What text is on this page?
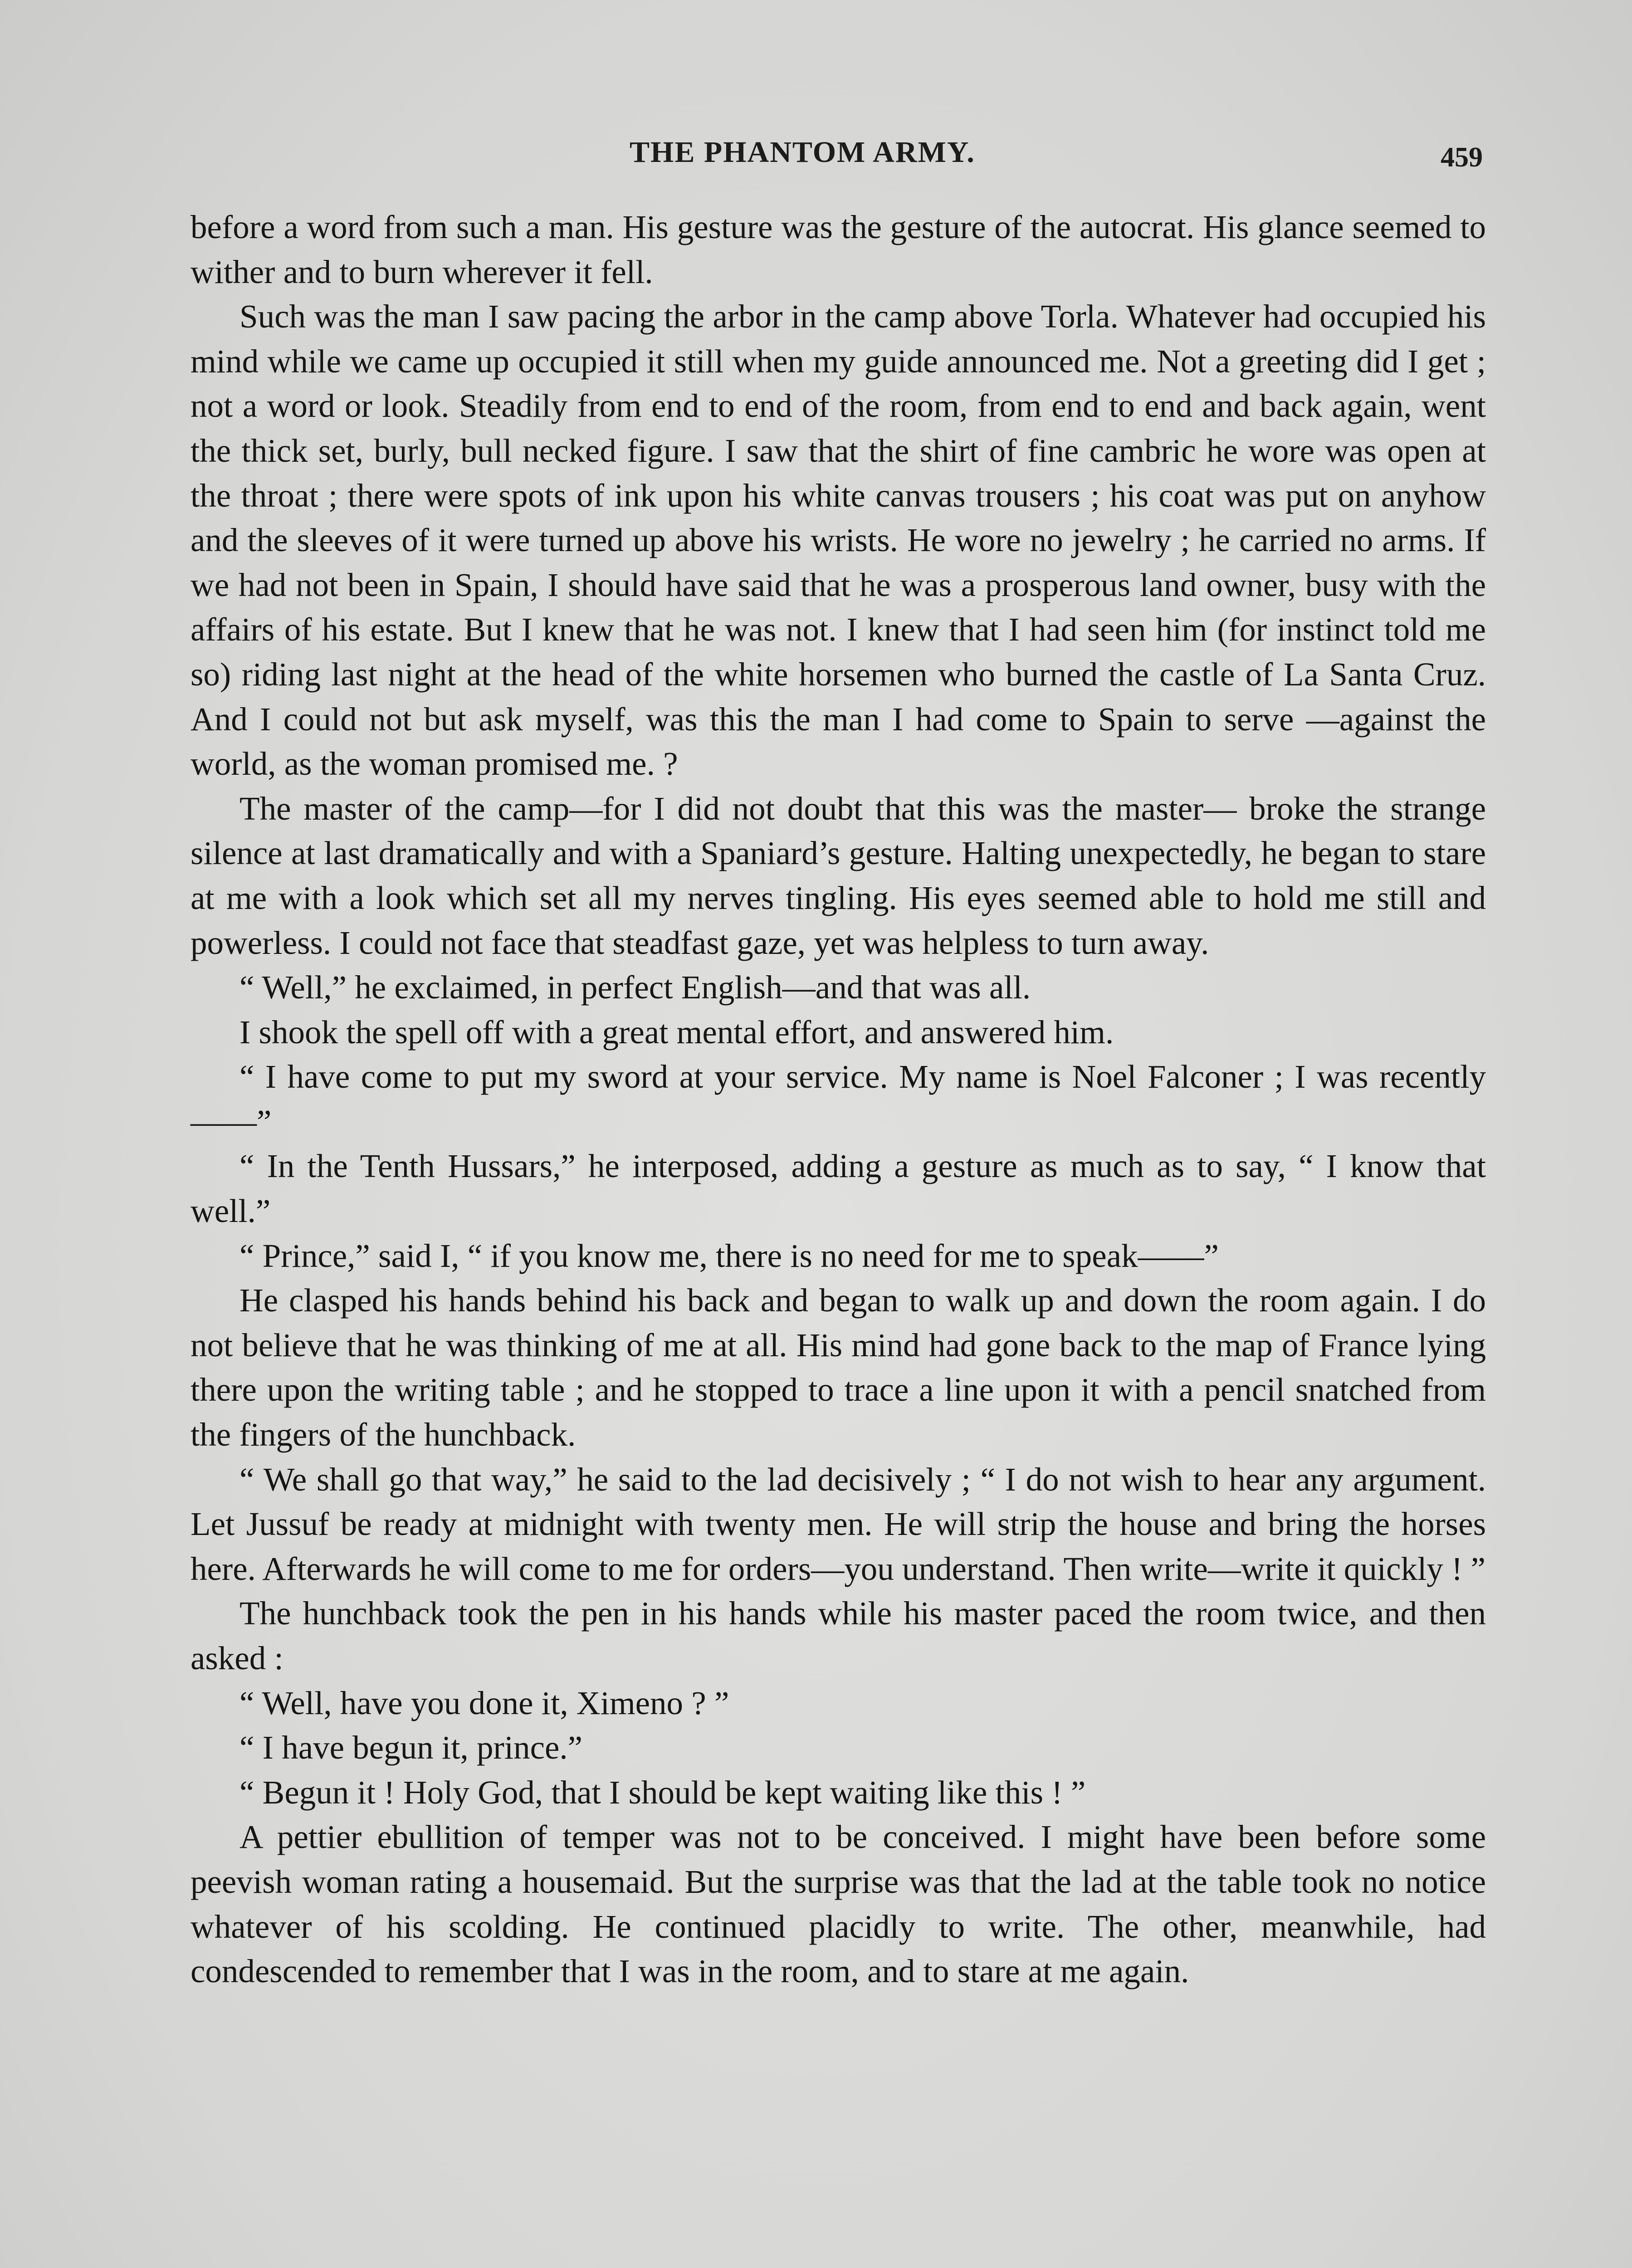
THE PHANTOM ARMY.	459

before a word from such a man. His gesture was the gesture of the autocrat. His glance seemed to wither and to burn wherever it fell.

Such was the man I saw pacing the arbor in the camp above Torla. Whatever had occupied his mind while we came up occupied it still when my guide announced me. Not a greeting did I get ; not a word or look. Steadily from end to end of the room, from end to end and back again, went the thick set, burly, bull necked figure. I saw that the shirt of fine cambric he wore was open at the throat ; there were spots of ink upon his white canvas trousers ; his coat was put on anyhow and the sleeves of it were turned up above his wrists. He wore no jewelry ; he carried no arms. If we had not been in Spain, I should have said that he was a prosperous land owner, busy with the affairs of his estate. But I knew that he was not. I knew that I had seen him (for instinct told me so) riding last night at the head of the white horsemen who burned the castle of La Santa Cruz. And I could not but ask myself, was this the man I had come to Spain to serve —against the world, as the woman promised me. ?

The master of the camp—for I did not doubt that this was the master— broke the strange silence at last dramatically and with a Spaniard’s gesture. Halting unexpectedly, he began to stare at me with a look which set all my nerves tingling. His eyes seemed able to hold me still and powerless. I could not face that steadfast gaze, yet was helpless to turn away.

“ Well,” he exclaimed, in perfect English—and that was all.

I shook the spell off with a great mental effort, and answered him.

“ I have come to put my sword at your service. My name is Noel Falconer ; I was recently——”

“ In the Tenth Hussars,” he interposed, adding a gesture as much as to say, “ I know that well.”

“ Prince,” said I, “ if you know me, there is no need for me to speak——”

He clasped his hands behind his back and began to walk up and down the room again. I do not believe that he was thinking of me at all. His mind had gone back to the map of France lying there upon the writing table ; and he stopped to trace a line upon it with a pencil snatched from the fingers of the hunchback.

“ We shall go that way,” he said to the lad decisively ; “ I do not wish to hear any argument. Let Jussuf be ready at midnight with twenty men. He will strip the house and bring the horses here. Afterwards he will come to me for orders—you understand. Then write—write it quickly ! ”

The hunchback took the pen in his hands while his master paced the room twice, and then asked :

“ Well, have you done it, Ximeno ? ”

“ I have begun it, prince.”

“ Begun it ! Holy God, that I should be kept waiting like this ! ”

A pettier ebullition of temper was not to be conceived. I might have been before some peevish woman rating a housemaid. But the surprise was that the lad at the table took no notice whatever of his scolding. He continued placidly to write. The other, meanwhile, had condescended to remember that I was in the room, and to stare at me again.
